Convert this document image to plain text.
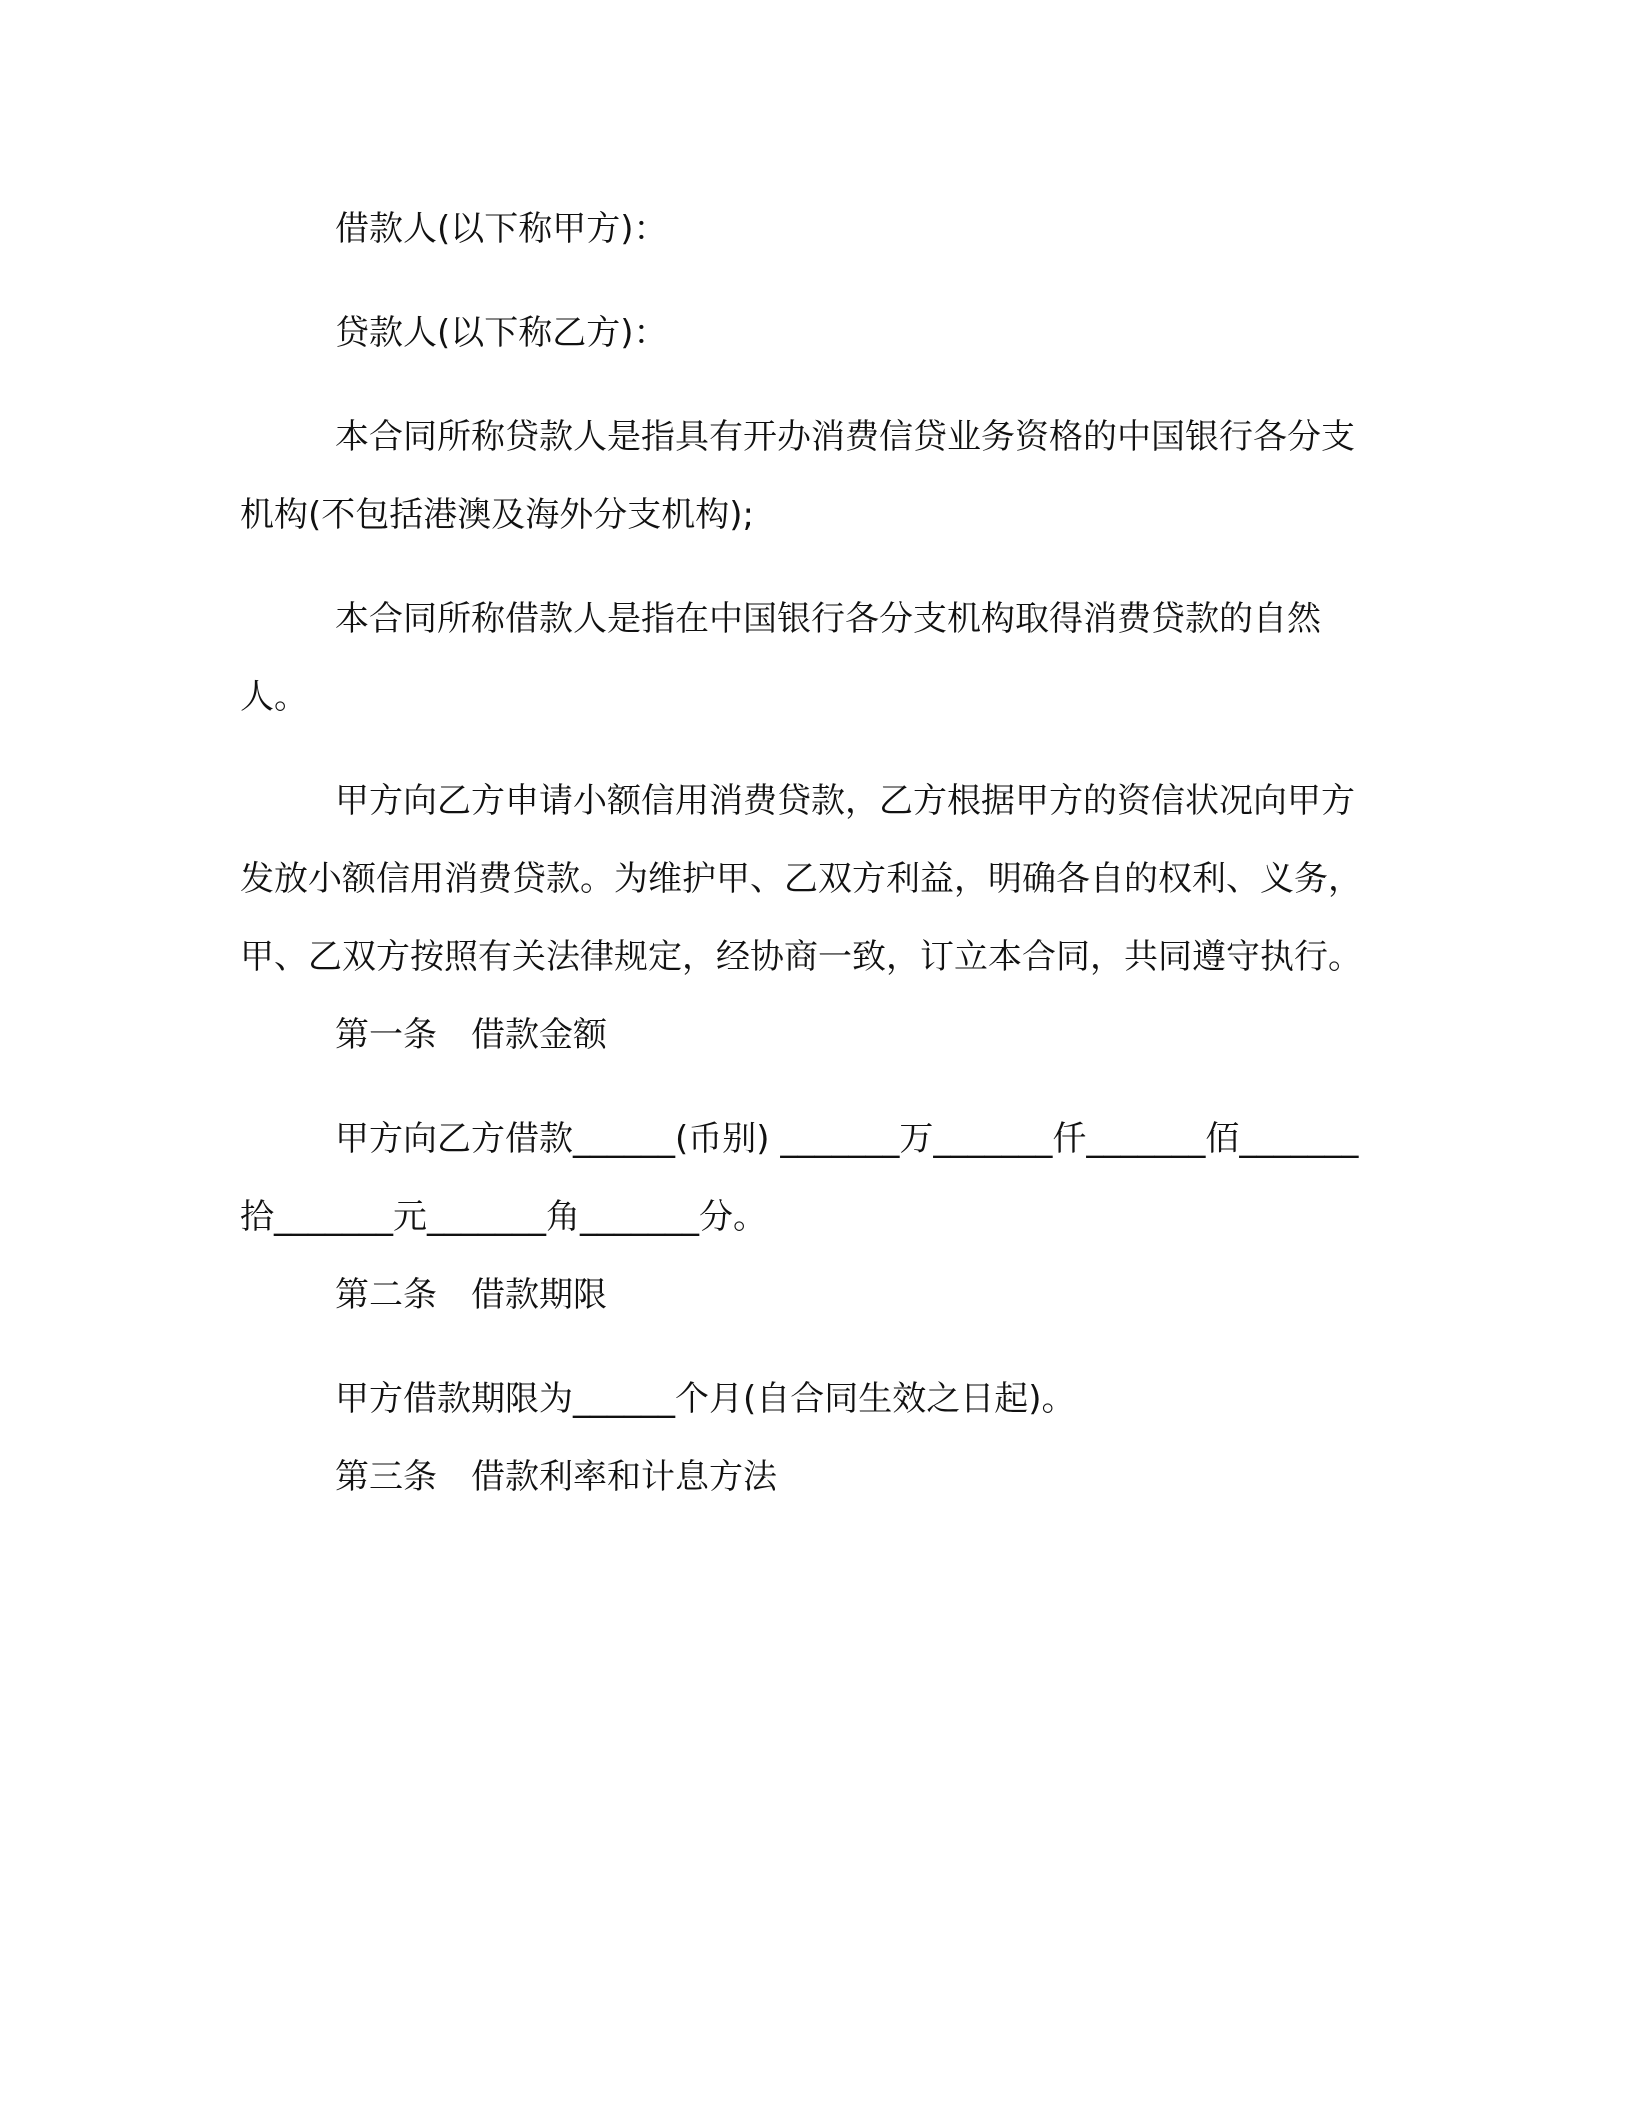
借款人(以下称甲方)：

贷款人(以下称乙方)：

本合同所称贷款人是指具有开办消费信贷业务资格的中国银行各分支机构(不包括港澳及海外分支机构);

本合同所称借款人是指在中国银行各分支机构取得消费贷款的自然人。

甲方向乙方申请小额信用消费贷款，乙方根据甲方的资信状况向甲方发放小额信用消费贷款。为维护甲、乙双方利益，明确各自的权利、义务，甲、乙双方按照有关法律规定，经协商一致，订立本合同，共同遵守执行。

第一条　借款金额

甲方向乙方借款______(币别) _______万_______仟_______佰_______拾_______元_______角_______分。

第二条　借款期限

甲方借款期限为______个月(自合同生效之日起)。

第三条　借款利率和计息方法
